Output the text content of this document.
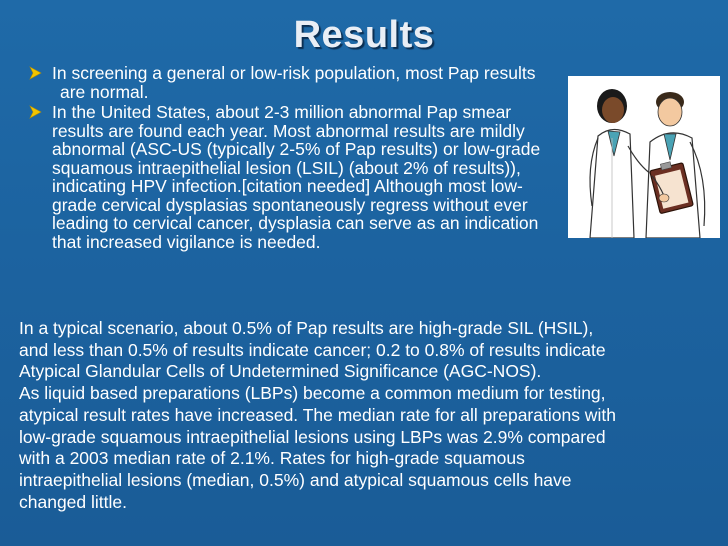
Results
In screening a general or low-risk population, most Pap results
are normal.
In the United States, about 2-3 million abnormal Pap smear results are found each year. Most abnormal results are mildly abnormal (ASC-US (typically 2-5% of Pap results) or low-grade squamous intraepithelial lesion (LSIL) (about 2% of results)), indicating HPV infection.[citation needed] Although most low-grade cervical dysplasias spontaneously regress without ever leading to cervical cancer, dysplasia can serve as an indication that increased vigilance is needed.
In a typical scenario, about 0.5% of Pap results are high-grade SIL (HSIL),
and less than 0.5% of results indicate cancer; 0.2 to 0.8% of results indicate
Atypical Glandular Cells of Undetermined Significance (AGC-NOS).
As liquid based preparations (LBPs) become a common medium for testing,
atypical result rates have increased. The median rate for all preparations with
low-grade squamous intraepithelial lesions using LBPs was 2.9% compared
with a 2003 median rate of 2.1%. Rates for high-grade squamous
intraepithelial lesions (median, 0.5%) and atypical squamous cells have
changed little.
